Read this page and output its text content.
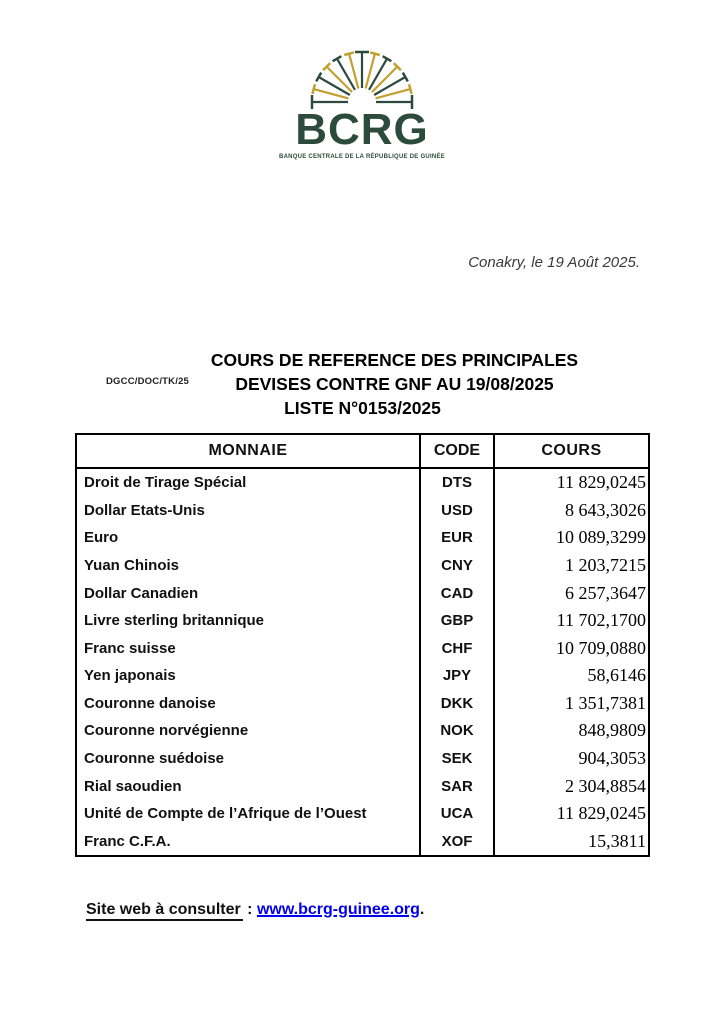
BCRG
BANQUE CENTRALE DE LA RÉPUBLIQUE DE GUINÉE
Conakry, le 19 Août 2025.
DGCC/DOC/TK/25
COURS DE REFERENCE DES PRINCIPALES
DEVISES CONTRE GNF AU 19/08/2025
LISTE N°0153/2025
MONNAIE	CODE	COURS
Droit de Tirage Spécial	DTS	11 829,0245
Dollar Etats-Unis	USD	8 643,3026
Euro	EUR	10 089,3299
Yuan Chinois	CNY	1 203,7215
Dollar Canadien	CAD	6 257,3647
Livre sterling britannique	GBP	11 702,1700
Franc suisse	CHF	10 709,0880
Yen japonais	JPY	58,6146
Couronne danoise	DKK	1 351,7381
Couronne norvégienne	NOK	848,9809
Couronne suédoise	SEK	904,3053
Rial saoudien	SAR	2 304,8854
Unité de Compte de l’Afrique de l’Ouest	UCA	11 829,0245
Franc C.F.A.	XOF	15,3811
Site web à consulter : www.bcrg-guinee.org.
